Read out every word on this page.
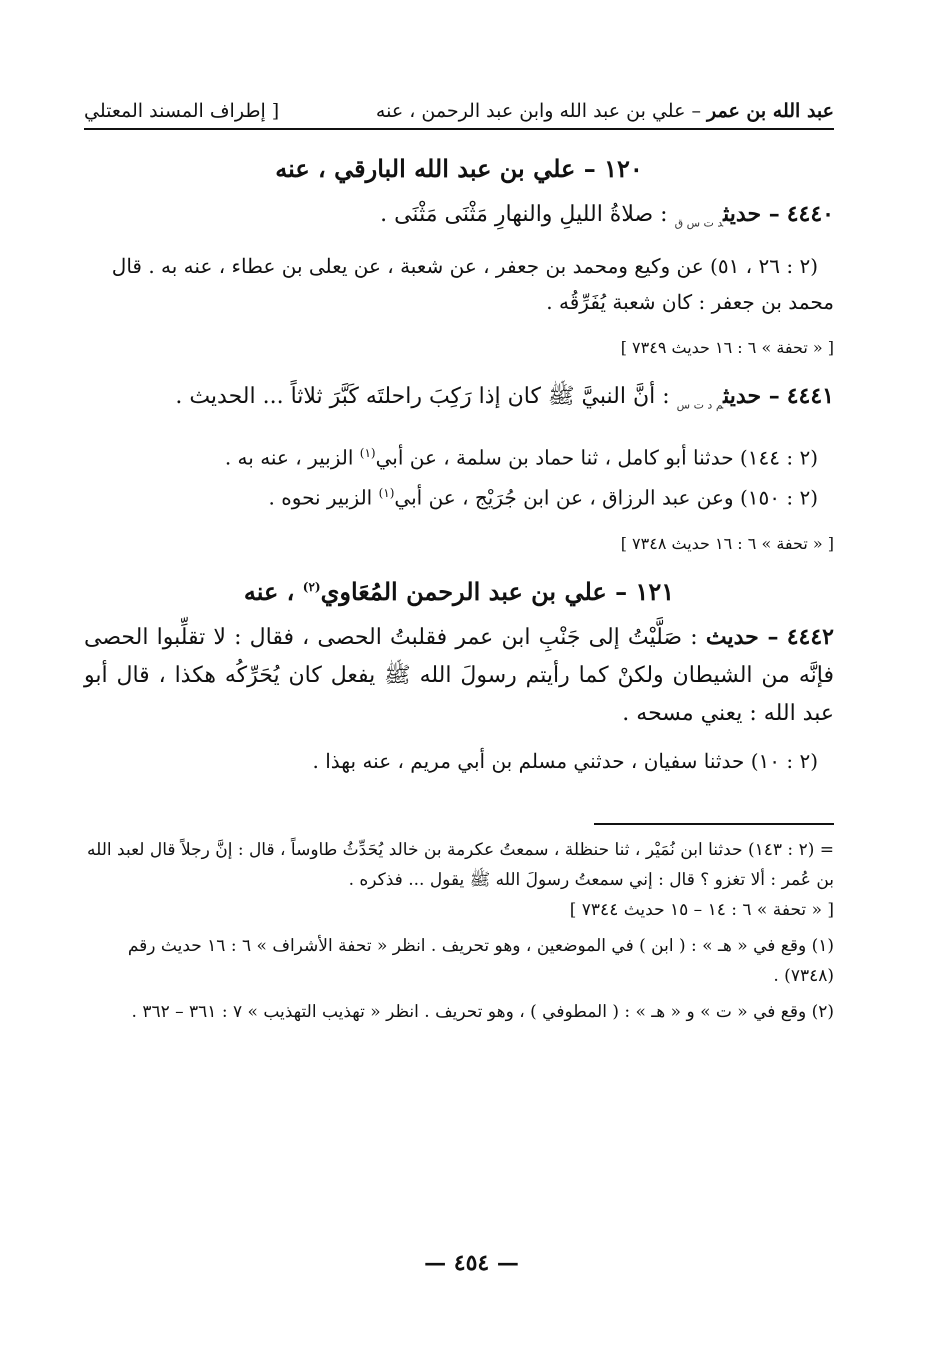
عبد الله بن عمر – علي بن عبد الله وابن عبد الرحمن ، عنه
[ إطراف المسند المعتلي
١٢٠ – علي بن عبد الله البارقي ، عنه
٤٤٤٠ – حديث$_{د ت س ق}$ : صلاةُ الليلِ والنهارِ مَثْنَى مَثْنَى .
(٢ : ٢٦ ، ٥١) عن وكيع ومحمد بن جعفر ، عن شعبة ، عن يعلى بن عطاء ، عنه به . قال محمد بن جعفر : كان شعبة يُفَرِّقُه .
[ « تحفة » ٦ : ١٦ حديث ٧٣٤٩ ]
٤٤٤١ – حديث$_{م د ت س}$ : أنَّ النبيَّ ﷺ كان إذا رَكِبَ راحلتَه كَبَّرَ ثلاثاً ... الحديث .
(٢ : ١٤٤) حدثنا أبو كامل ، ثنا حماد بن سلمة ، عن أبي$^{(١)}$ الزبير ، عنه به .
(٢ : ١٥٠) وعن عبد الرزاق ، عن ابن جُرَيْج ، عن أبي$^{(١)}$ الزبير نحوه .
[ « تحفة » ٦ : ١٦ حديث ٧٣٤٨ ]
١٢١ – علي بن عبد الرحمن المُعَاوي$^{(٢)}$ ، عنه
٤٤٤٢ – حديث : صَلَّيْتُ إلى جَنْبِ ابن عمر فقلبتُ الحصى ، فقال : لا تقلِّبوا الحصى فإنَّه من الشيطان ولكنْ كما رأيتم رسولَ الله ﷺ يفعل كان يُحَرِّكُه هكذا ، قال أبو عبد الله : يعني مسحه .
(٢ : ١٠) حدثنا سفيان ، حدثني مسلم بن أبي مريم ، عنه بهذا .
= (٢ : ١٤٣) حدثنا ابن نُمَيْر ، ثنا حنظلة ، سمعتُ عكرمة بن خالد يُحَدِّثُ طاوساً ، قال : إنَّ رجلاً قال لعبد الله بن عُمر : ألا تغزو ؟ قال : إني سمعتُ رسولَ الله ﷺ يقول ... فذكره .
[ « تحفة » ٦ : ١٤ – ١٥ حديث ٧٣٤٤ ]
(١) وقع في « هـ » : ( ابن ) في الموضعين ، وهو تحريف . انظر « تحفة الأشراف » ٦ : ١٦ حديث رقم (٧٣٤٨) .
(٢) وقع في « ت » و « هـ » : ( المطوفي ) ، وهو تحريف . انظر « تهذيب التهذيب » ٧ : ٣٦١ – ٣٦٢ .
— ٤٥٤ —
